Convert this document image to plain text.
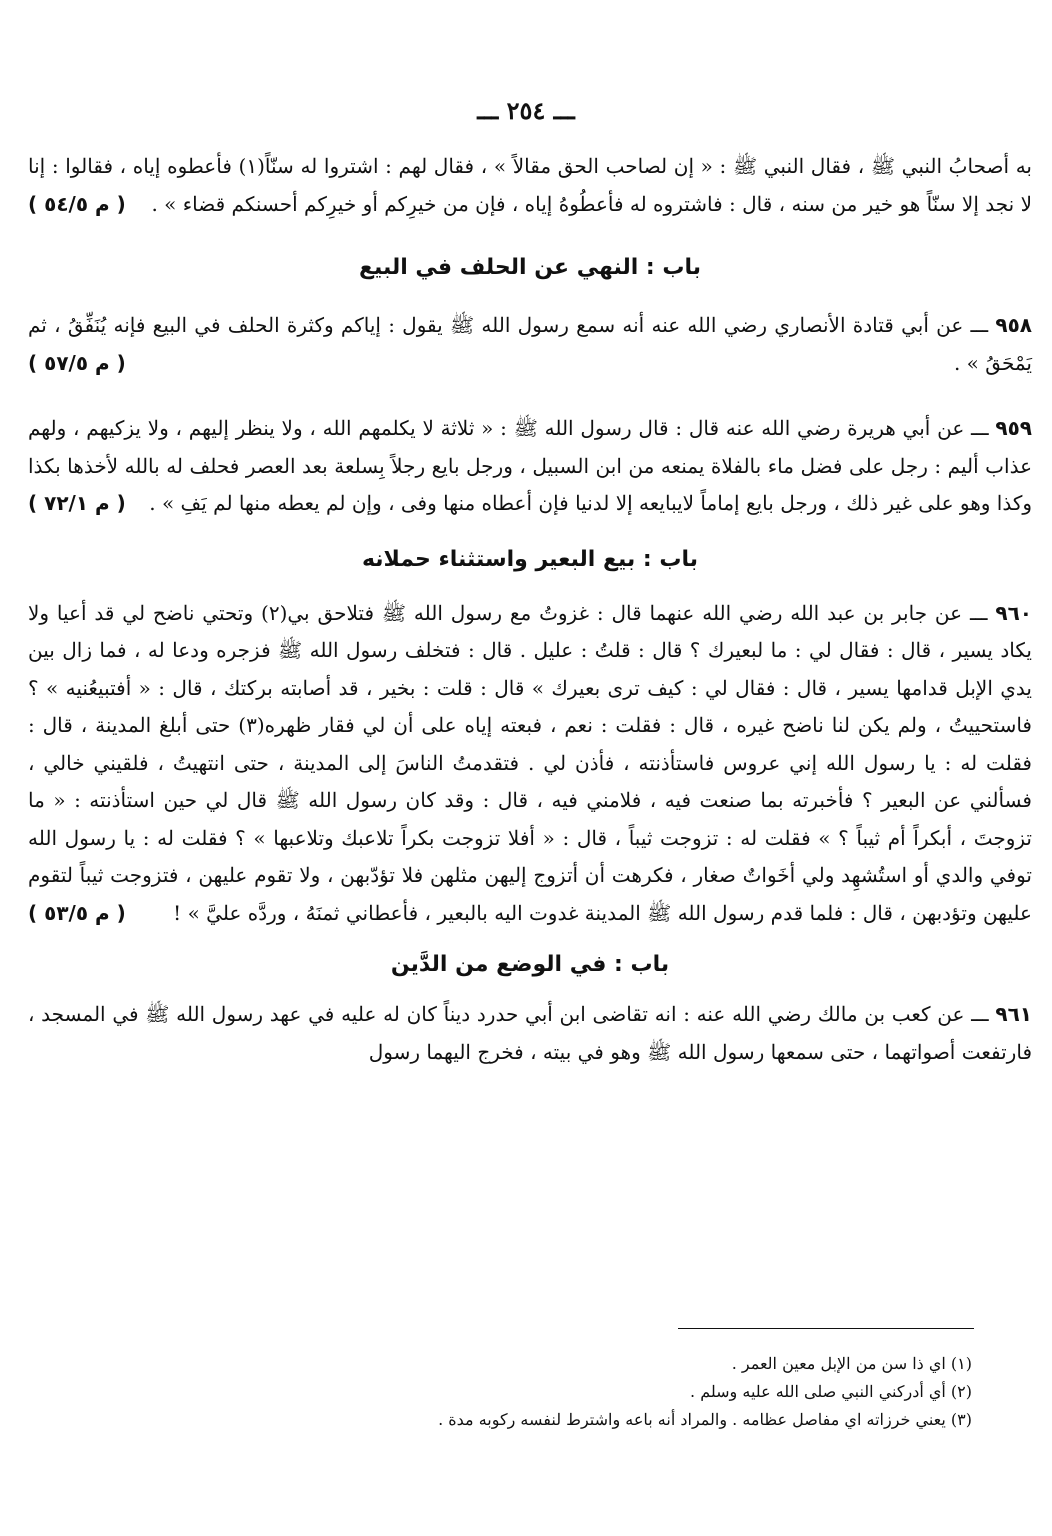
ـــ ٢٥٤ ـــ

به أصحابُ النبي ﷺ ، فقال النبي ﷺ : « إن لصاحب الحق مقالاً » ، فقال لهم : اشتروا له سنّاً(١) فأعطوه إياه ، فقالوا : إنا لا نجد إلا سنّاً هو خير من سنه ، قال : فاشتروه له فأعطُوهُ إياه ، فإن من خيرِكم أو خيرِكم أحسنكم قضاء » .
( م ٥٤/٥ )

باب : النهي عن الحلف في البيع

٩٥٨ ـــ عن أبي قتادة الأنصاري رضي الله عنه أنه سمع رسول الله ﷺ يقول : إياكم وكثرة الحلف في البيع فإنه يُنَفِّقُ ، ثم يَمْحَقُ » .
( م ٥٧/٥ )

٩٥٩ ـــ عن أبي هريرة رضي الله عنه قال : قال رسول الله ﷺ : « ثلاثة لا يكلمهم الله ، ولا ينظر إليهم ، ولا يزكيهم ، ولهم عذاب أليم : رجل على فضل ماء بالفلاة يمنعه من ابن السبيل ، ورجل بايع رجلاً بِسلعة بعد العصر فحلف له بالله لأخذها بكذا وكذا وهو على غير ذلك ، ورجل بايع إماماً لايبايعه إلا لدنيا فإن أعطاه منها وفى ، وإن لم يعطه منها لم يَفِ » .
( م ٧٢/١ )

باب : بيع البعير واستثناء حملانه

٩٦٠ ـــ عن جابر بن عبد الله رضي الله عنهما قال : غزوتُ مع رسول الله ﷺ فتلاحق بي(٢) وتحتي ناضح لي قد أعيا ولا يكاد يسير ، قال : فقال لي : ما لبعيرك ؟ قال : قلتُ : عليل . قال : فتخلف رسول الله ﷺ فزجره ودعا له ، فما زال بين يدي الإبل قدامها يسير ، قال : فقال لي : كيف ترى بعيرك » قال : قلت : بخير ، قد أصابته بركتك ، قال : « أفتبيعُنيه » ؟ فاستحييتُ ، ولم يكن لنا ناضح غيره ، قال : فقلت : نعم ، فبعته إياه على أن لي فقار ظهره(٣) حتى أبلغ المدينة ، قال : فقلت له : يا رسول الله إني عروس فاستأذنته ، فأذن لي . فتقدمتُ الناسَ إلى المدينة ، حتى انتهيتُ ، فلقيني خالي ، فسألني عن البعير ؟ فأخبرته بما صنعت فيه ، فلامني فيه ، قال : وقد كان رسول الله ﷺ قال لي حين استأذنته : « ما تزوجتَ ، أبكراً أم ثيباً ؟ » فقلت له : تزوجت ثيباً ، قال : « أفلا تزوجت بكراً تلاعبك وتلاعبها » ؟ فقلت له : يا رسول الله توفي والدي أو استُشهِد ولي أخَواتٌ صغار ، فكرهت أن أتزوج إليهن مثلهن فلا تؤدّبهن ، ولا تقوم عليهن ، فتزوجت ثيباً لتقوم عليهن وتؤدبهن ، قال : فلما قدم رسول الله ﷺ المدينة غدوت اليه بالبعير ، فأعطاني ثمنَهُ ، وردَّه عليَّ » !
( م ٥٣/٥ )

باب : في الوضع من الدَّين

٩٦١ ـــ عن كعب بن مالك رضي الله عنه : انه تقاضى ابن أبي حدرد ديناً كان له عليه في عهد رسول الله ﷺ في المسجد ، فارتفعت أصواتهما ، حتى سمعها رسول الله ﷺ وهو في بيته ، فخرج اليهما رسول

(١) اي ذا سن من الإبل معين العمر .

(٢) أي أدركني النبي صلى الله عليه وسلم .

(٣) يعني خرزاته اي مفاصل عظامه . والمراد أنه باعه واشترط لنفسه ركوبه مدة .
